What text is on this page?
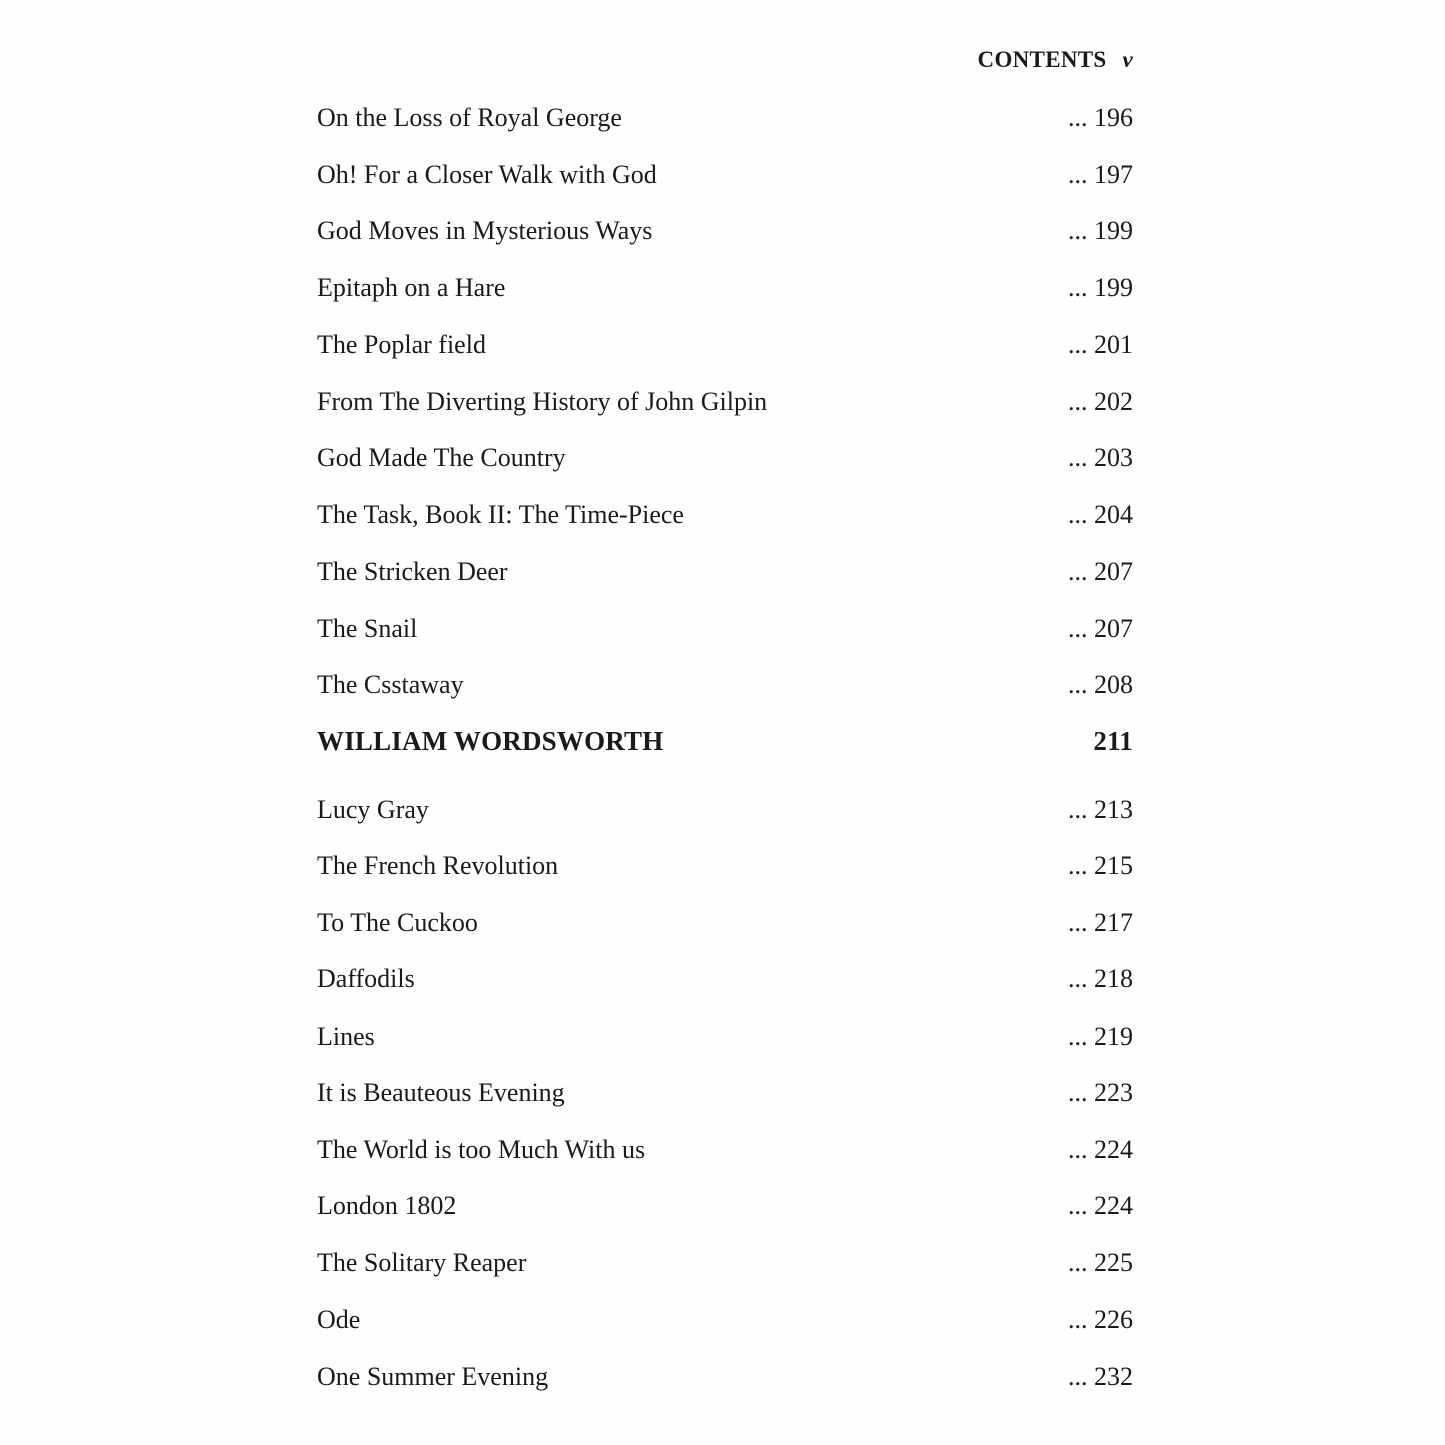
CONTENTS v
On the Loss of Royal George	... 196
Oh! For a Closer Walk with God	... 197
God Moves in Mysterious Ways	... 199
Epitaph on a Hare	... 199
The Poplar field	... 201
From The Diverting History of John Gilpin	... 202
God Made The Country	... 203
The Task, Book II: The Time-Piece	... 204
The Stricken Deer	... 207
The Snail	... 207
The Csstaway	... 208
WILLIAM WORDSWORTH	211
Lucy Gray	... 213
The French Revolution	... 215
To The Cuckoo	... 217
Daffodils	... 218
Lines	... 219
It is Beauteous Evening	... 223
The World is too Much With us	... 224
London 1802	... 224
The Solitary Reaper	... 225
Ode	... 226
One Summer Evening	... 232
